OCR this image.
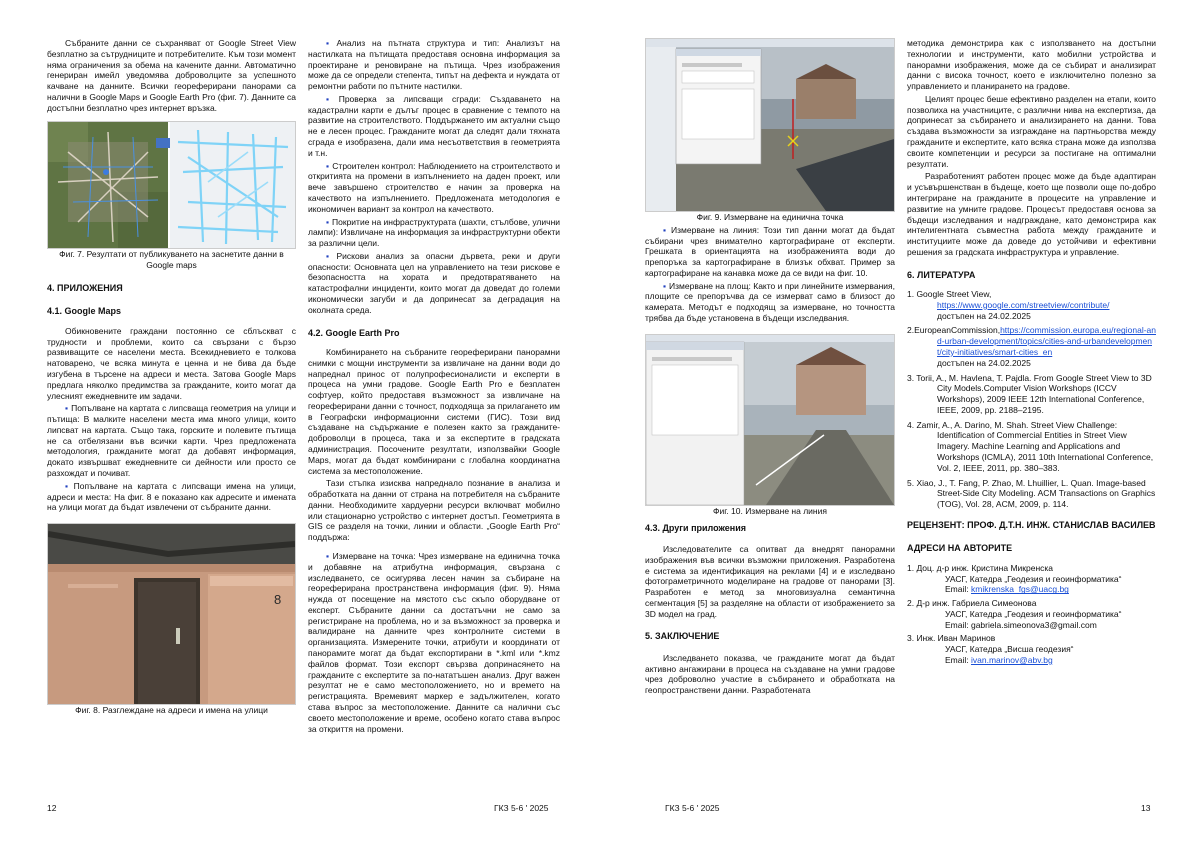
Събраните данни се съхраняват от Google Street View безплатно за сътрудниците и потребителите. Към този момент няма ограничения за обема на качените данни. Автоматично генериран имейл уведомява доброволците за успешното качване на данните. Всички геореферирани панорами са налични в Google Maps и Google Earth Pro (фиг. 7). Данните са достъпни безплатно чрез интернет връзка.

Фиг. 7. Резултати от публикуването на заснетите данни в Google maps

4. ПРИЛОЖЕНИЯ
4.1. Google Maps

Обикновените граждани постоянно се сблъскват с трудности и проблеми, които са свързани с бързо развиващите се населени места. Всекидневието е толкова натоварено, че всяка минута е ценна и не бива да бъде изгубена в търсене на адреси и места. Затова Google Maps предлага няколко предимства за гражданите, които могат да улесният ежедневните им задачи.

▪ Попълване на картата с липсваща геометрия на улици и пътища: В малките населени места има много улици, които липсват на картата. Също така, горските и полевите пътища не са отбелязани във всички карти. Чрез предложената методология, гражданите могат да добавят информация, докато извършват ежедневните си дейности или просто се разхождат и почиват.

▪ Попълване на картата с липсващи имена на улици, адреси и места: На фиг. 8 е показано как адресите и имената на улици могат да бъдат извлечени от събраните данни.

8

Фиг. 8. Разглеждане на адреси и имена на улици

▪ Анализ на пътната структура и тип: Анализът на настилката на пътищата предоставя основна информация за проектиране и реновиране на пътища. Чрез изображения може да се определи степента, типът на дефекта и нуждата от ремонтни работи по пътните настилки.

▪ Проверка за липсващи сгради: Създаването на кадастрални карти е дълъг процес в сравнение с темпото на развитие на строителството. Поддържането им актуални също не е лесен процес. Гражданите могат да следят дали тяхната сграда е изобразена, дали има несъответствия в геометрията и т.н.

▪ Строителен контрол: Наблюдението на строителството и откритията на промени в изпълнението на даден проект, или вече завършено строителство е начин за проверка на качеството на изпълнението. Предложената методология е икономичен вариант за контрол на качеството.

▪ Покритие на инфраструктурата (шахти, стълбове, улични лампи): Извличане на информация за инфраструктурни обекти за различни цели.

▪ Рискови анализ за опасни дървета, реки и други опасности: Основната цел на управлението на тези рискове е безопасността на хората и предотвратяването на катастрофални инциденти, които могат да доведат до големи икономически загуби и да допринесат за деградация на околната среда.

4.2. Google Earth Pro

Комбинирането на събраните геореферирани панорамни снимки с мощни инструменти за извличане на данни води до напреднал принос от полупрофесионалисти и експерти в процеса на умни градове. Google Earth Pro е безплатен софтуер, който предоставя възможност за извличане на геореферирани данни с точност, подходяща за прилагането им в Географски информационни системи (ГИС). Този вид създаване на съдържание е полезен както за гражданите-доброволци в процеса, така и за експертите в градската администрация. Посочените резултати, използвайки Google Maps, могат да бъдат комбинирани с глобална координатна система за местоположение.

Тази стъпка изисква напреднало познание в анализа и обработката на данни от страна на потребителя на събраните данни. Необходимите хардуерни ресурси включват мобилно или стационарно устройство с интернет достъп. Геометрията в GIS се разделя на точки, линии и области. „Google Earth Pro“ поддържа:

▪ Измерване на точка: Чрез измерване на единична точка и добавяне на атрибутна информация, свързана с изследването, се осигурява лесен начин за събиране на геореферирана пространствена информация (фиг. 9). Няма нужда от посещение на мястото със скъпо оборудване от експерт. Събраните данни са достатъчни не само за регистриране на проблема, но и за възможност за проверка и валидиране на данните чрез контролните системи в организацията. Измерените точки, атрибути и координати от панорамите могат да бъдат експортирани в *.kml или *.kmz файлов формат. Този експорт свързва допринасянето на гражданите с експертите за по-нататъшен анализ. Друг важен резултат не е само местоположението, но и времето на регистрацията. Времевият маркер е задължителен, когато става въпрос за местоположение. Данните са налични със своето местоположение и време, особено когато става въпрос за откриття на промени.

Фиг. 9. Измерване на единична точка

▪ Измерване на линия: Този тип данни могат да бъдат събирани чрез внимателно картографиране от експерти. Грешката в ориентацията на изображенията води до препоръка за картографиране в близък обхват. Пример за картографиране на канавка може да се види на фиг. 10.

▪ Измерване на площ: Както и при линейните измервания, площите се препоръчва да се измерват само в близост до камерата. Методът е подходящ за измерване, но точността трябва да бъде установена в бъдещи изследвания.

Фиг. 10. Измерване на линия

4.3. Други приложения

Изследователите са опитват да внедрят панорамни изображения във всички възможни приложения. Разработена е система за идентификация на реклами [4] и е изследвано фотограметричното моделиране на градове от панорами [3]. Разработен е метод за многовизуална семантична сегментация [5] за разделяне на области от изображението за 3D модел на град.

5. ЗАКЛЮЧЕНИЕ

Изследването показва, че гражданите могат да бъдат активно ангажирани в процеса на създаване на умни градове чрез доброволно участие в събирането и обработката на геопространствени данни. Разработената

методика демонстрира как с използването на достъпни технологии и инструменти, като мобилни устройства и панорамни изображения, може да се събират и анализират данни с висока точност, което е изключително полезно за управлението и планирането на градове.

Целият процес беше ефективно разделен на етапи, които позволиха на участниците, с различни нива на експертиза, да допринесат за събирането и анализирането на данни. Това създава възможности за изграждане на партньорства между гражданите и експертите, като всяка страна може да използва своите компетенции и ресурси за постигане на оптимални резултати.

Разработеният работен процес може да бъде адаптиран и усъвършенстван в бъдеще, което ще позволи още по-добро интегриране на гражданите в процесите на управление и развитие на умните градове. Процесът предоставя основа за бъдещи изследвания и надграждане, като демонстрира как интелигентната съвместна работа между гражданите и институциите може да доведе до устойчиви и ефективни решения за градската инфраструктура и управление.

6. ЛИТЕРАТУРА
1. Google Street View,
https://www.google.com/streetview/contribute/
достъпен на 24.02.2025
2.EuropeanCommission,https://commission.europa.eu/regional-and-urban-development/topics/cities-and-urbandevelopment/city-initiatives/smart-cities_en
достъпен на 24.02.2025
3. Torii, A., M. Havlena, T. Pajdla. From Google Street View to 3D City Models.Computer Vision Workshops (ICCV Workshops), 2009 IEEE 12th International Conference, IEEE, 2009, pp. 2188–2195.
4. Zamir, A., A. Darino, M. Shah. Street View Challenge: Identification of Commercial Entities in Street View Imagery. Machine Learning and Applications and Workshops (ICMLA), 2011 10th International Conference, Vol. 2, IEEE, 2011, pp. 380–383.
5. Xiao, J., T. Fang, P. Zhao, M. Lhuillier, L. Quan. Image-based Street-Side City Modeling. ACM Transactions on Graphics (TOG), Vol. 28, ACM, 2009, p. 114.
РЕЦЕНЗЕНТ: ПРОФ. Д.Т.Н. ИНЖ. СТАНИСЛАВ ВАСИЛЕВ
АДРЕСИ НА АВТОРИТЕ
1. Доц. д-р инж. Кристина Микренска
УАСГ, Катедра „Геодезия и геоинформатика“
Email: kmikrenska_fgs@uacg.bg
2. Д-р инж. Габриела Симеонова
УАСГ, Катедра „Геодезия и геоинформатика“
Email: gabriela.simeonova3@gmail.com
3. Инж. Иван Маринов
УАСГ, Катедра „Висша геодезия“
Email: ivan.marinov@abv.bg
12	ГКЗ 5-6 ' 2025	ГКЗ 5-6 ' 2025	13
